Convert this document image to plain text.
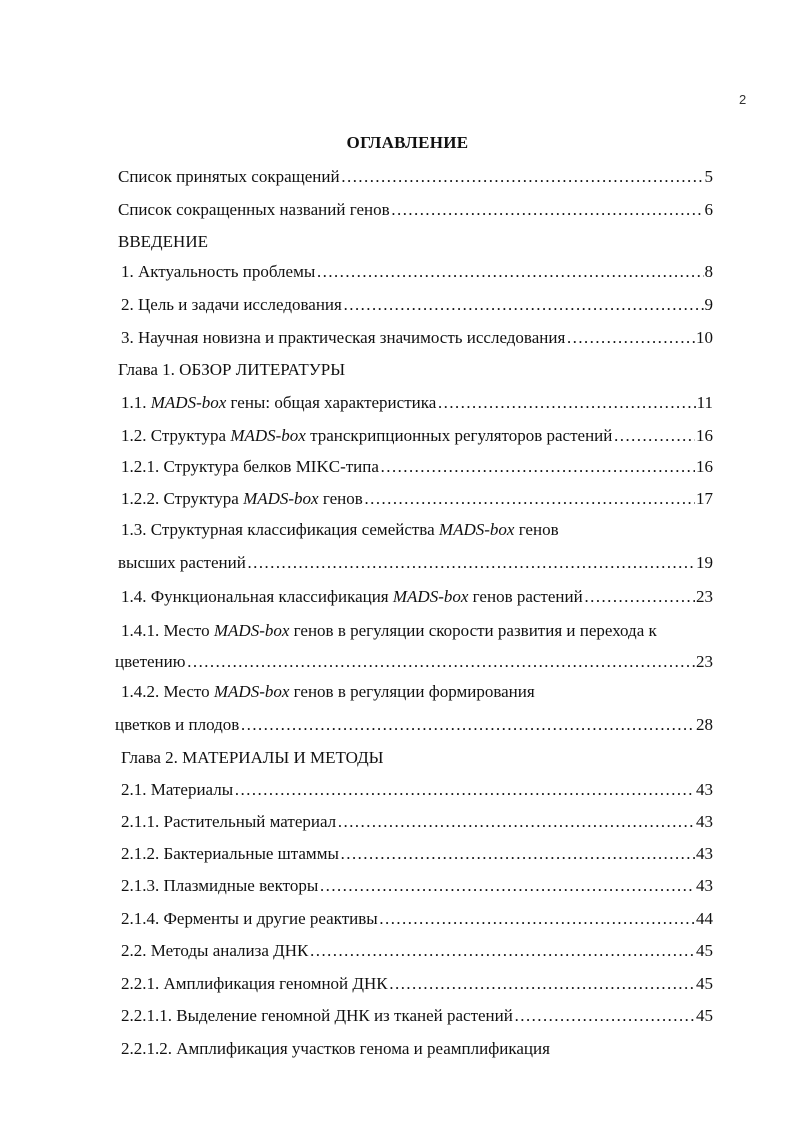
2
ОГЛАВЛЕНИЕ
Список принятых сокращений ……………………………………………………………………………………………………………………………………………………	5
Список сокращенных названий генов ……………………………………………………………………………………………………………………………………………………	6
ВВЕДЕНИЕ
1. Актуальность проблемы ……………………………………………………………………………………………………………………………………………………	8
2. Цель и задачи исследования ……………………………………………………………………………………………………………………………………………………	9
3. Научная новизна и практическая значимость исследования ……………………………………………………………………………………………………………………………………………………	10
Глава 1. ОБЗОР ЛИТЕРАТУРЫ
1.1. MADS-box гены: общая характеристика ……………………………………………………………………………………………………………………………………………………	11
1.2. Структура MADS-box транскрипционных регуляторов растений ……………………………………………………………………………………………………………………………………………………	16
1.2.1. Структура белков MIKC-типа ……………………………………………………………………………………………………………………………………………………	16
1.2.2. Структура MADS-box генов ……………………………………………………………………………………………………………………………………………………	17
1.3. Структурная классификация семейства MADS-box генов
высших растений ……………………………………………………………………………………………………………………………………………………	19
1.4. Функциональная классификация MADS-box генов растений ……………………………………………………………………………………………………………………………………………………	23
1.4.1. Место MADS-box генов в регуляции скорости развития и перехода к
цветению ……………………………………………………………………………………………………………………………………………………	23
1.4.2. Место MADS-box генов в регуляции формирования
цветков и плодов ……………………………………………………………………………………………………………………………………………………	28
Глава 2. МАТЕРИАЛЫ И МЕТОДЫ
2.1. Материалы ……………………………………………………………………………………………………………………………………………………	43
2.1.1. Растительный материал ……………………………………………………………………………………………………………………………………………………	43
2.1.2. Бактериальные штаммы ……………………………………………………………………………………………………………………………………………………	43
2.1.3. Плазмидные векторы ……………………………………………………………………………………………………………………………………………………	43
2.1.4. Ферменты и другие реактивы ……………………………………………………………………………………………………………………………………………………	44
2.2. Методы анализа ДНК ……………………………………………………………………………………………………………………………………………………	45
2.2.1. Амплификация геномной ДНК ……………………………………………………………………………………………………………………………………………………	45
2.2.1.1. Выделение геномной ДНК из тканей растений ……………………………………………………………………………………………………………………………………………………	45
2.2.1.2. Амплификация участков генома и реамплификация
